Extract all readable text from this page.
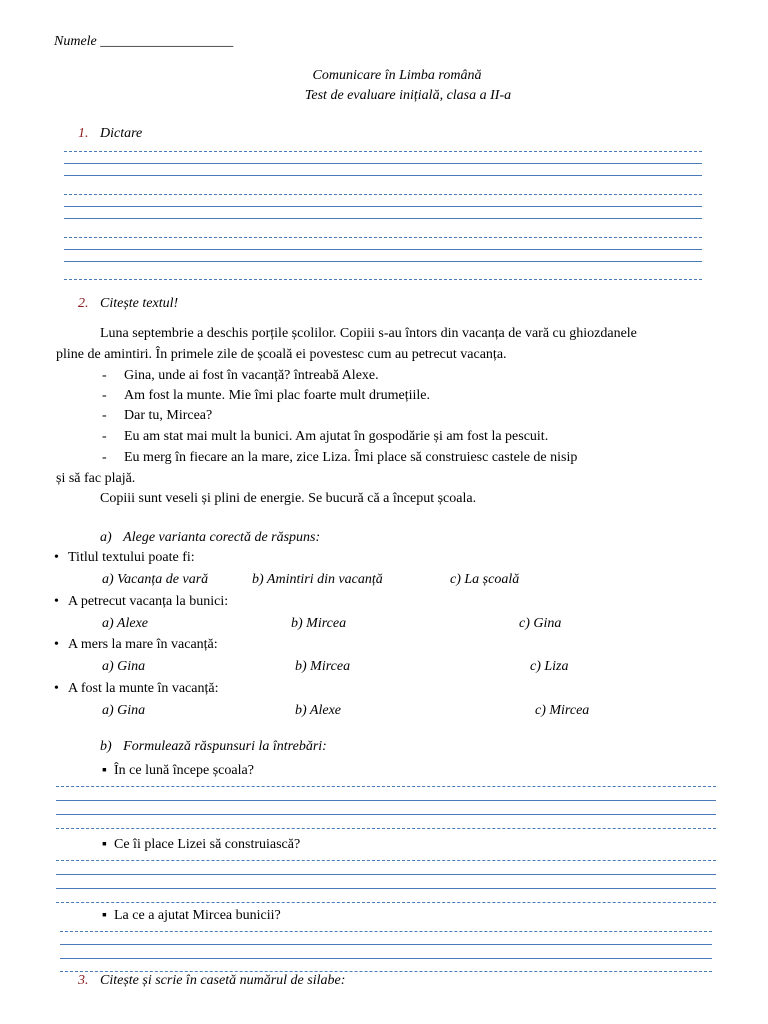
Numele ___________________
Comunicare în Limba română
Test de evaluare inițială, clasa a II-a
1. Dictare
2. Citește textul!
Luna septembrie a deschis porțile școlilor. Copiii s-au întors din vacanța de vară cu ghiozdanele
pline de amintiri. În primele zile de școală ei povestesc cum au petrecut vacanța.
- Gina, unde ai fost în vacanță? întreabă Alexe.
- Am fost la munte. Mie îmi plac foarte mult drumețiile.
- Dar tu, Mircea?
- Eu am stat mai mult la bunici. Am ajutat în gospodărie și am fost la pescuit.
- Eu merg în fiecare an la mare, zice Liza. Îmi place să construiesc castele de nisip
și să fac plajă.
Copiii sunt veseli și plini de energie. Se bucură că a început școala.
a) Alege varianta corectă de răspuns:
• Titlul textului poate fi:
a) Vacanța de vară	b) Amintiri din vacanță	c) La școală
• A petrecut vacanța la bunici:
a) Alexe	b) Mircea	c) Gina
• A mers la mare în vacanță:
a) Gina	b) Mircea	c) Liza
• A fost la munte în vacanță:
a) Gina	b) Alexe	c) Mircea
b) Formulează răspunsuri la întrebări:
▪ În ce lună începe școala?
▪ Ce îi place Lizei să construiască?
▪ La ce a ajutat Mircea bunicii?
3. Citește și scrie în casetă numărul de silabe:
